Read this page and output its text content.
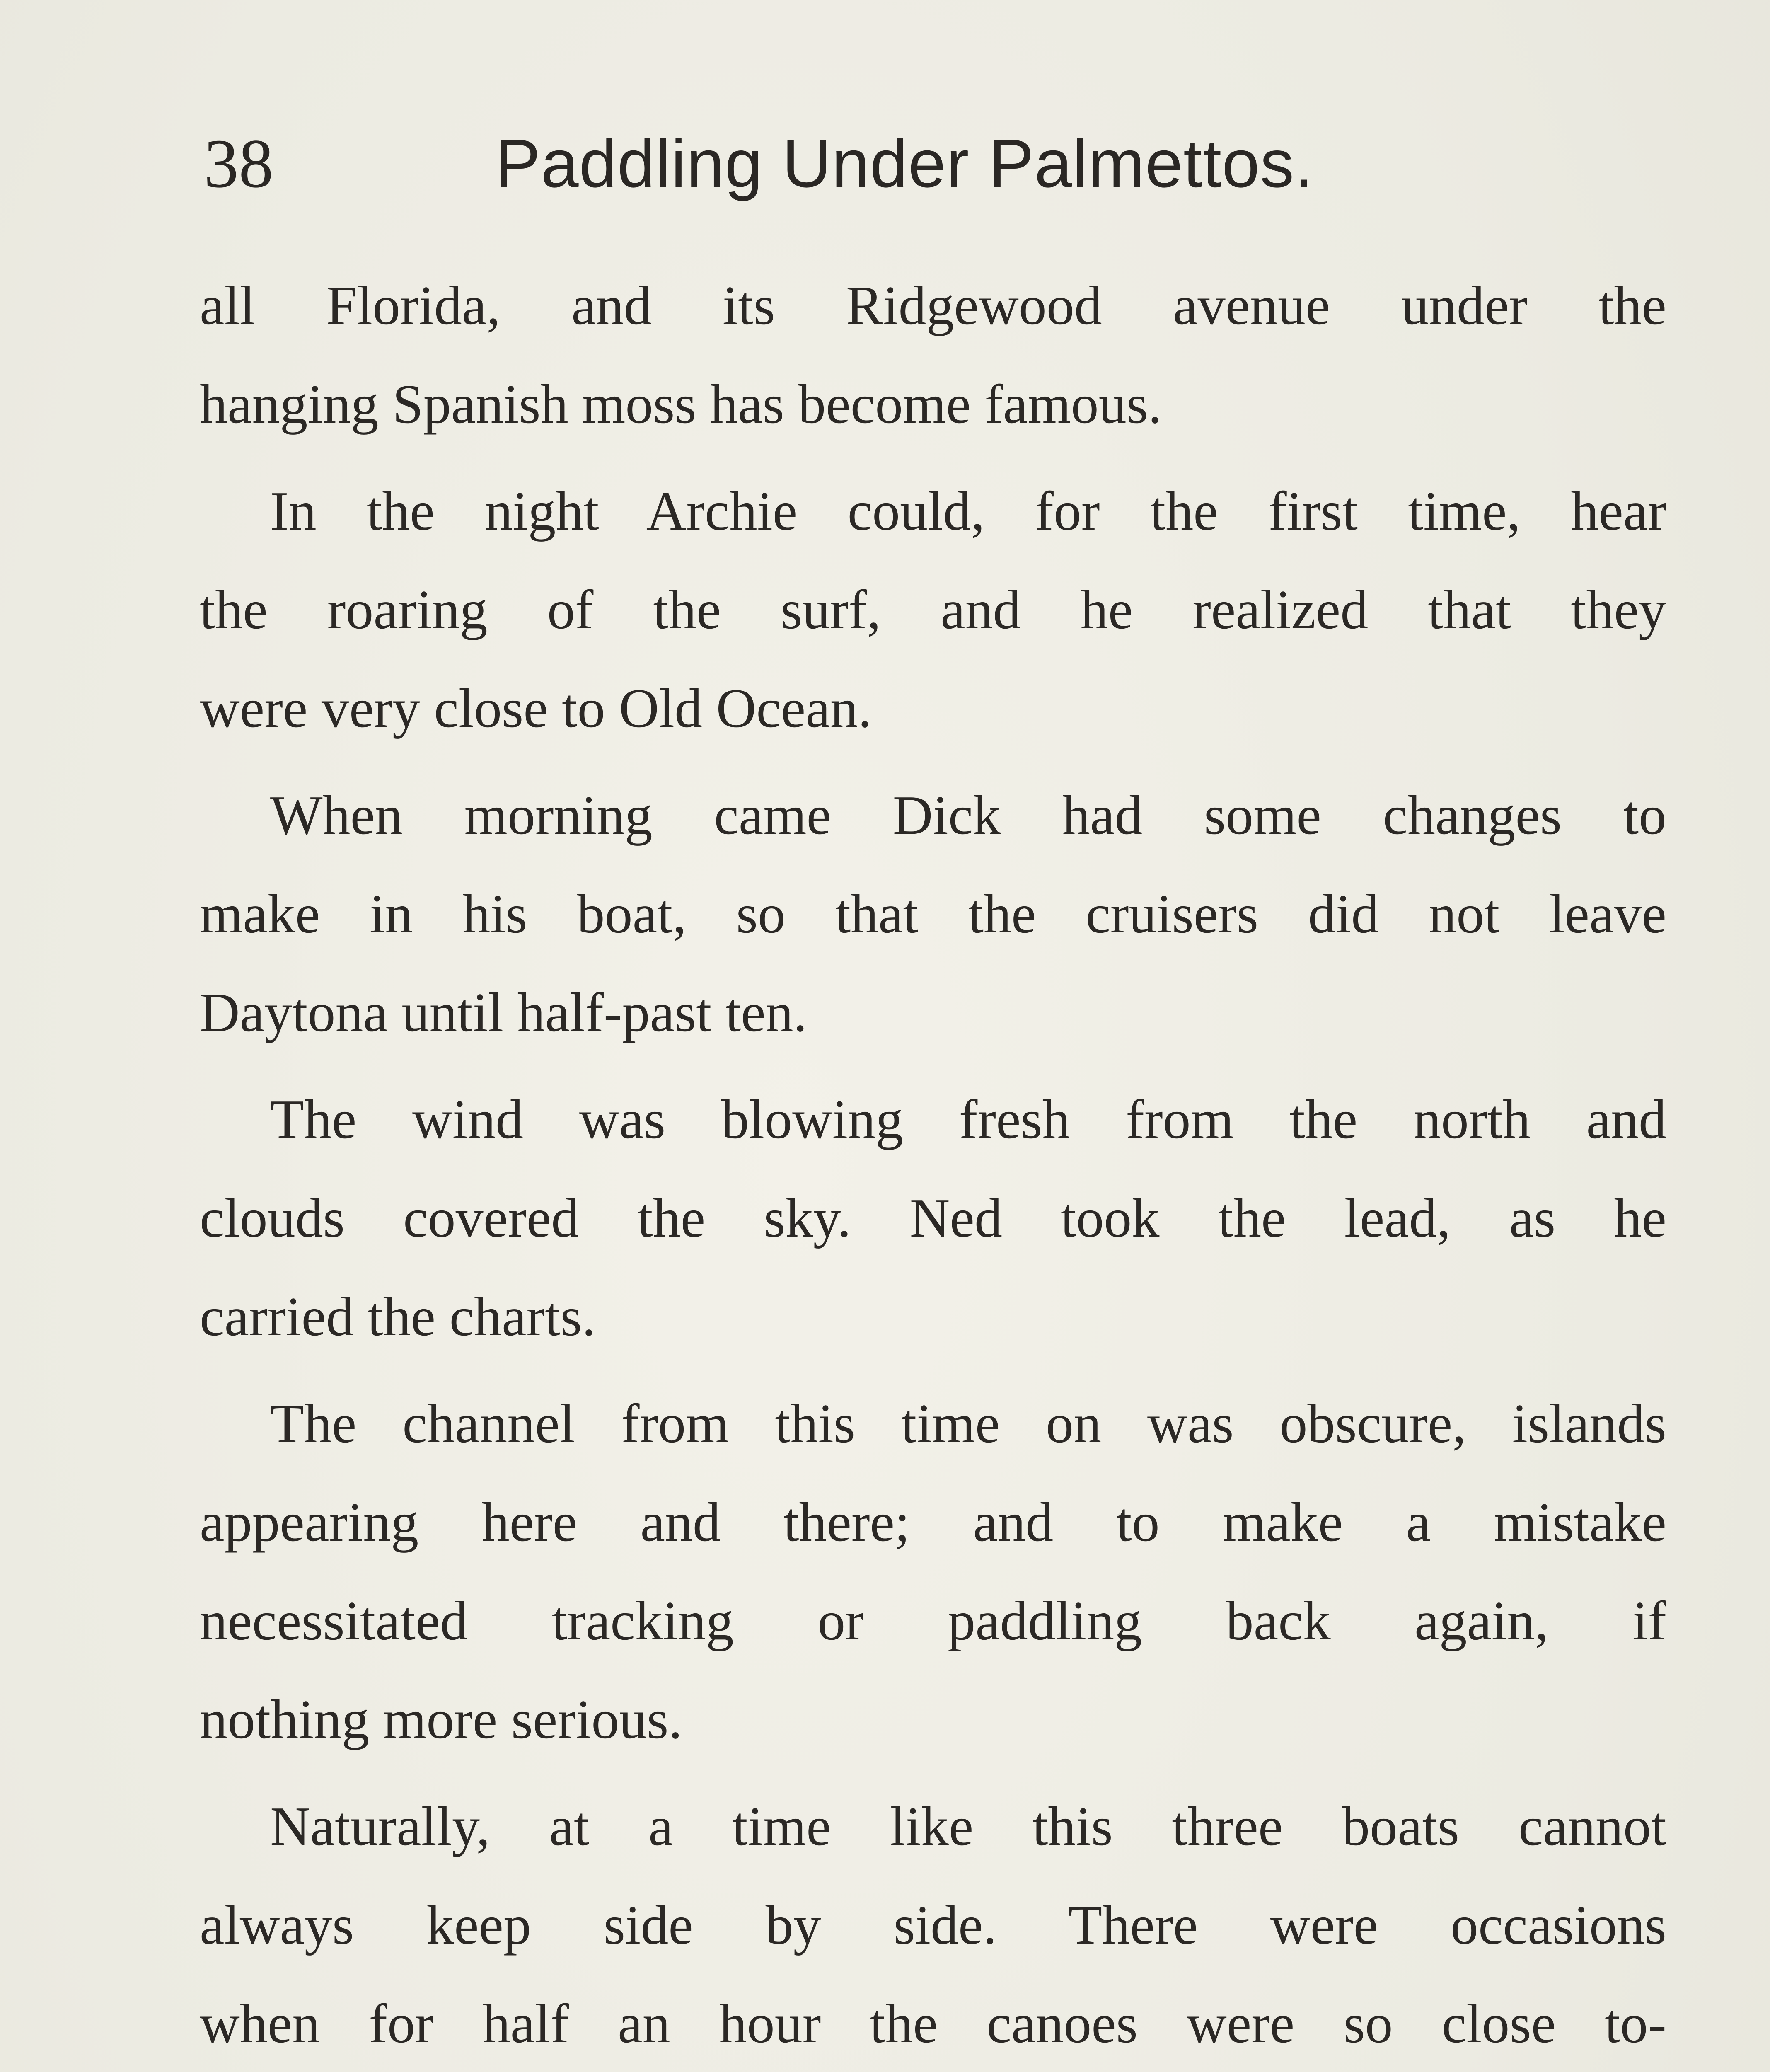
38	Paddling Under Palmettos.
all Florida, and its Ridgewood avenue under the
hanging Spanish moss has become famous.
In the night Archie could, for the first time, hear
the roaring of the surf, and he realized that they
were very close to Old Ocean.
When morning came Dick had some changes to
make in his boat, so that the cruisers did not leave
Daytona until half-past ten.
The wind was blowing fresh from the north and
clouds covered the sky. Ned took the lead, as he
carried the charts.
The channel from this time on was obscure, islands
appearing here and there; and to make a mistake
necessitated tracking or paddling back again, if
nothing more serious.
Naturally, at a time like this three boats cannot
always keep side by side. There were occasions
when for half an hour the canoes were so close to-
